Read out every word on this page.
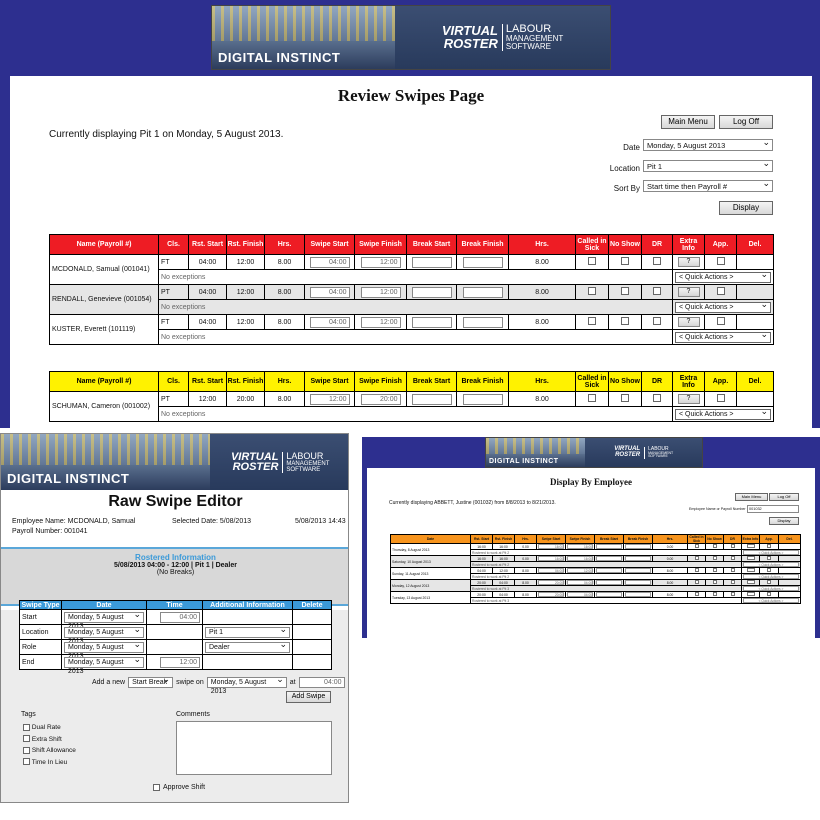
DIGITAL INSTINCT
VIRTUAL
ROSTER
LABOUR
MANAGEMENT
SOFTWARE
Review Swipes Page
Currently displaying Pit 1 on Monday, 5 August 2013.
Main Menu	Log Off
Date Monday, 5 August 2013 ⌄
Location Pit 1 ⌄
Sort By Start time then Payroll # ⌄
Display
Name (Payroll #)	Cls.	Rst. Start	Rst. Finish	Hrs.	Swipe Start	Swipe Finish	Break Start	Break Finish	Hrs.	Called in Sick	No Show	DR	Extra Info	App.	Del.
MCDONALD, Samual (001041)	FT	04:00	12:00	8.00	04:00	12:00			8.00				?		

	No exceptions												< Quick Actions > ⌄

RENDALL, Genevieve (001054)	PT	04:00	12:00	8.00	04:00	12:00			8.00				?		

	No exceptions												< Quick Actions > ⌄

KUSTER, Everett (101119)	FT	04:00	12:00	8.00	04:00	12:00			8.00				?		

	No exceptions												< Quick Actions > ⌄
Name (Payroll #)	Cls.	Rst. Start	Rst. Finish	Hrs.	Swipe Start	Swipe Finish	Break Start	Break Finish	Hrs.	Called in Sick	No Show	DR	Extra Info	App.	Del.
SCHUMAN, Cameron (001002)	PT	12:00	20:00	8.00	12:00	20:00			8.00				?		

	No exceptions												< Quick Actions > ⌄
DIGITAL INSTINCT
VIRTUAL
ROSTER
LABOUR
MANAGEMENT
SOFTWARE
Raw Swipe Editor
Employee Name: MCDONALD, Samual	Selected Date: 5/08/2013	5/08/2013 14:43
Payroll Number: 001041
Rostered Information
5/08/2013 04:00 - 12:00 | Pit 1 | Dealer
(No Breaks)
Swipe Type	Date	Time	Additional Information	Delete
Start	Monday, 5 August ⌄	04:00		

Location	Monday, 5 August ⌄		Pit 1 ⌄

Role	Monday, 5 August ⌄		Dealer ⌄

End	Monday, 5 August 2013 ⌄	12:00		

Add a new	Start Break ⌄	swipe on	Monday, 5 August 2013 ⌄
at	04:00
Add Swipe
Tags
Dual Rate
Extra Shift
Shift Allowance
Time In Lieu
Comments
Approve Shift
DIGITAL INSTINCT
VIRTUAL
ROSTER
LABOUR
MANAGEMENT
SOFTWARE
Display By Employee
Currently displaying ABBETT, Justine (001032) from 8/8/2013 to 8/21/2013.
Main Menu	Log Off
Employee Name or Payroll Number 001032
Display
Date	Rst. Start	Rst. Finish	Hrs.	Swipe Start	Swipe Finish	Break Start	Break Finish	Hrs.	Called in Sick	No Show	DR	Extra Info	App.	Del.
Thursday, 8 August 2013	16:00	16:00	0.00	16:00	16:00			0.00						
	Rostered to work at Pit 2											< Quick Actions >		

Saturday, 10 August 2013	16:00	16:00	0.00	16:00	16:00			0.00						
	Rostered to work at Pit 2											< Quick Actions >		

Sunday, 11 August 2013	04:00	12:00	8.00	04:00	12:00			8.00						
	Rostered to work at Pit 2											< Quick Actions >		

Monday, 12 August 2013	20:00	04:00	8.00	20:00	04:00			8.00						
	Rostered to work at Pit 3											< Quick Actions >		

Tuesday, 13 August 2013	20:00	04:00	8.00	20:00	04:00			8.00						
	Rostered to work at Pit 3											< Quick Actions >		
